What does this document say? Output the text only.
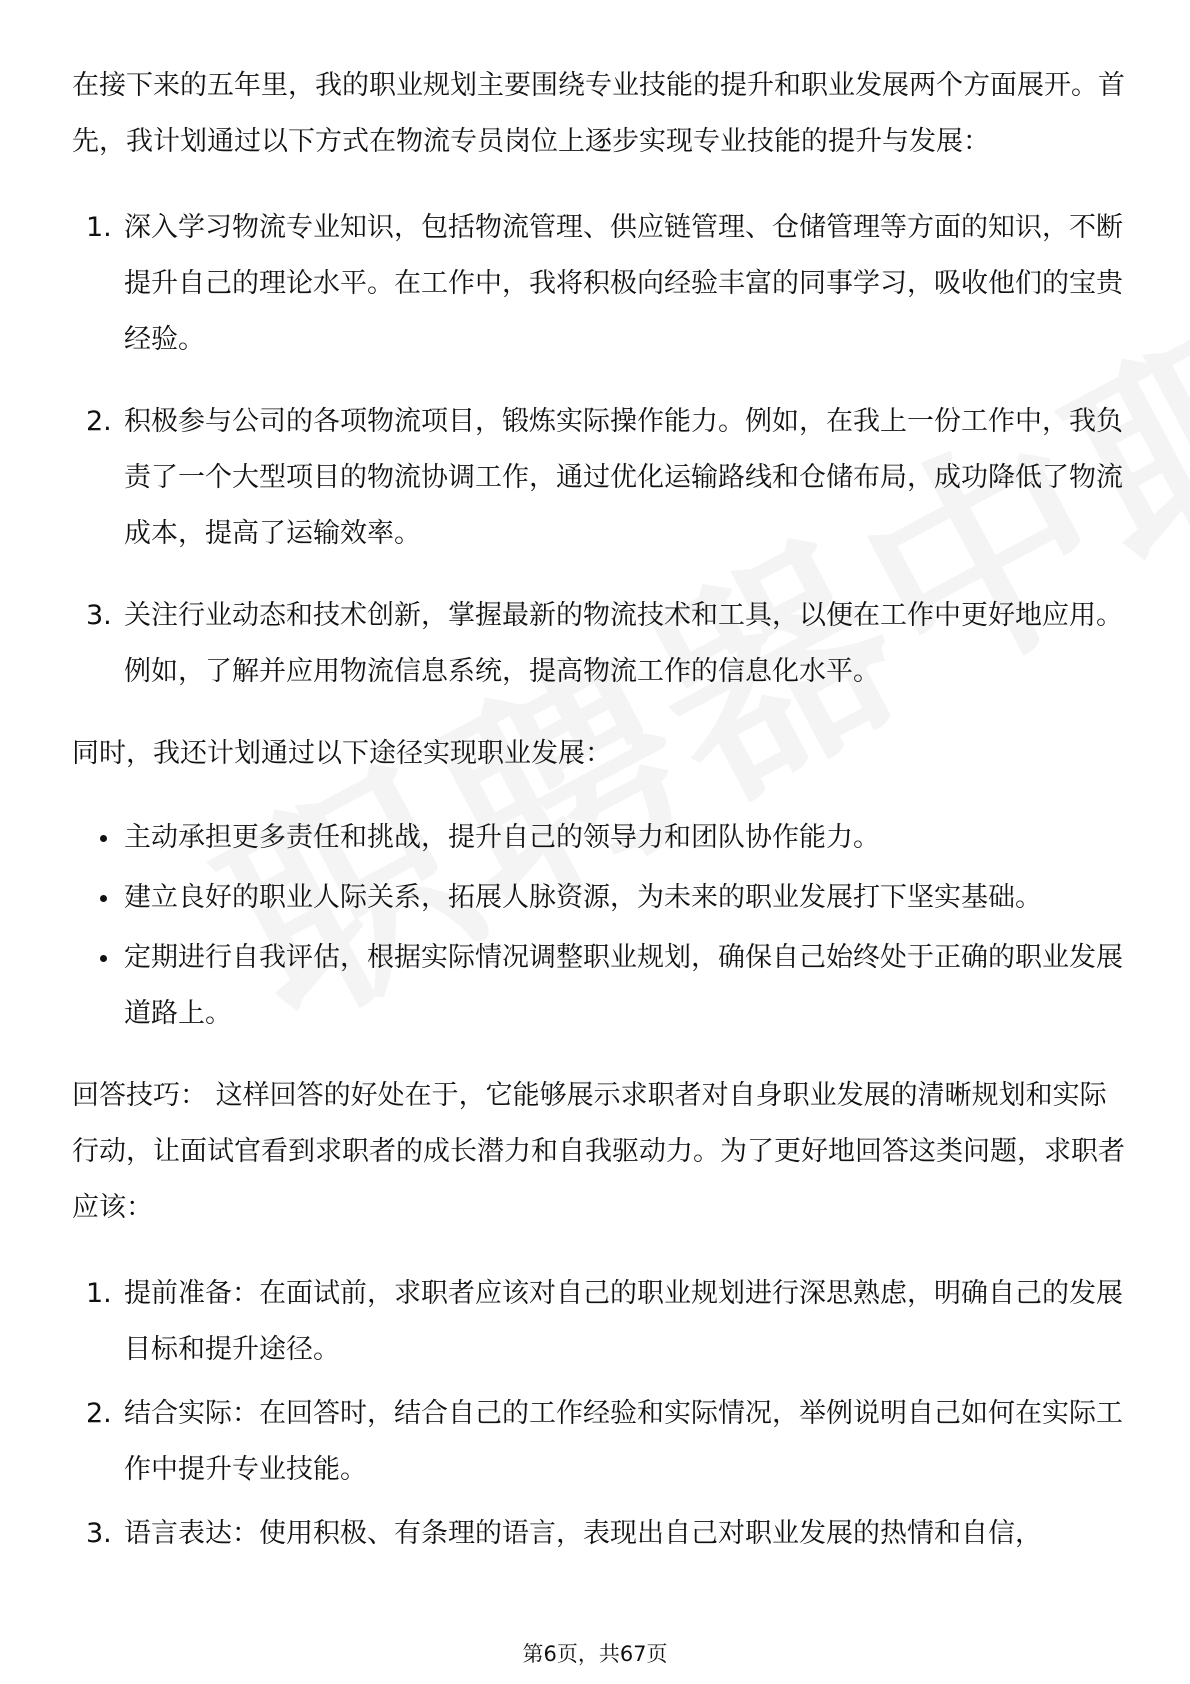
在接下来的五年里，我的职业规划主要围绕专业技能的提升和职业发展两个方面展开。首先，我计划通过以下方式在物流专员岗位上逐步实现专业技能的提升与发展：

1. 深入学习物流专业知识，包括物流管理、供应链管理、仓储管理等方面的知识，不断提升自己的理论水平。在工作中，我将积极向经验丰富的同事学习，吸收他们的宝贵经验。
2. 积极参与公司的各项物流项目，锻炼实际操作能力。例如，在我上一份工作中，我负责了一个大型项目的物流协调工作，通过优化运输路线和仓储布局，成功降低了物流成本，提高了运输效率。
3. 关注行业动态和技术创新，掌握最新的物流技术和工具，以便在工作中更好地应用。例如，了解并应用物流信息系统，提高物流工作的信息化水平。

同时，我还计划通过以下途径实现职业发展：

主动承担更多责任和挑战，提升自己的领导力和团队协作能力。
建立良好的职业人际关系，拓展人脉资源，为未来的职业发展打下坚实基础。
定期进行自我评估，根据实际情况调整职业规划，确保自己始终处于正确的职业发展道路上。

回答技巧： 这样回答的好处在于，它能够展示求职者对自身职业发展的清晰规划和实际行动，让面试官看到求职者的成长潜力和自我驱动力。为了更好地回答这类问题，求职者应该：

1. 提前准备：在面试前，求职者应该对自己的职业规划进行深思熟虑，明确自己的发展目标和提升途径。
2. 结合实际：在回答时，结合自己的工作经验和实际情况，举例说明自己如何在实际工作中提升专业技能。
3. 语言表达：使用积极、有条理的语言，表现出自己对职业发展的热情和自信，
第6页，共67页
